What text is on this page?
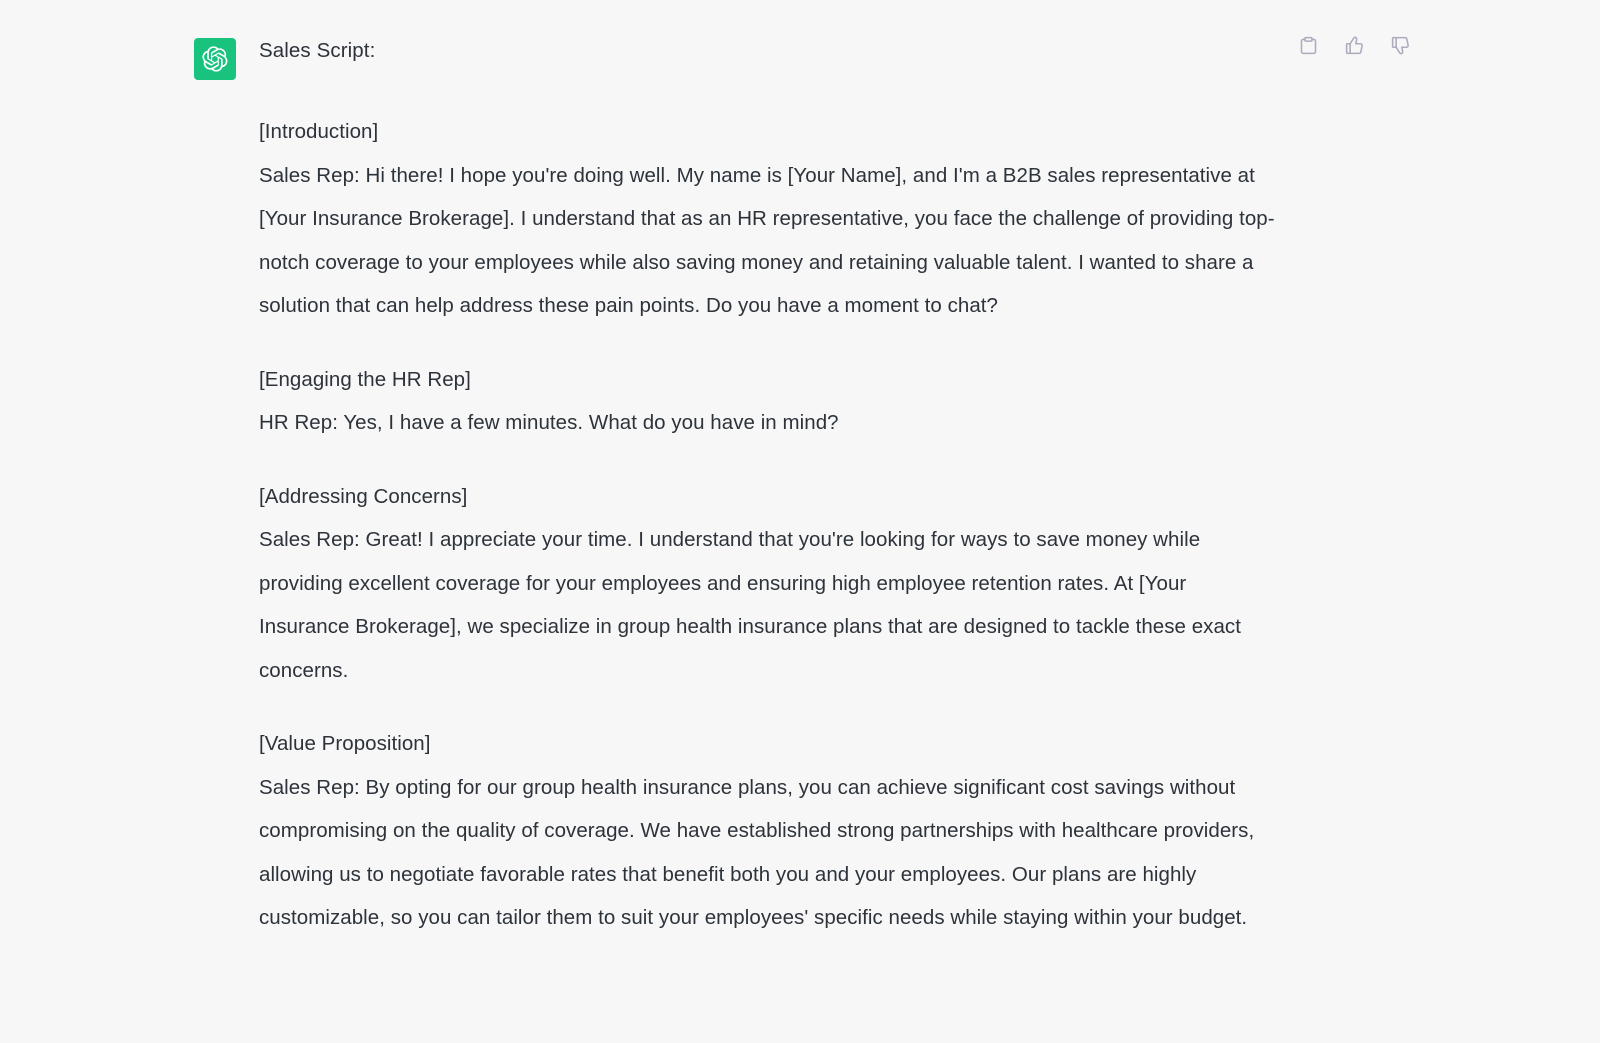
Sales Script:
[Introduction]
Sales Rep: Hi there! I hope you're doing well. My name is [Your Name], and I'm a B2B sales representative at [Your Insurance Brokerage]. I understand that as an HR representative, you face the challenge of providing top-notch coverage to your employees while also saving money and retaining valuable talent. I wanted to share a solution that can help address these pain points. Do you have a moment to chat?
[Engaging the HR Rep]
HR Rep: Yes, I have a few minutes. What do you have in mind?
[Addressing Concerns]
Sales Rep: Great! I appreciate your time. I understand that you're looking for ways to save money while providing excellent coverage for your employees and ensuring high employee retention rates. At [Your Insurance Brokerage], we specialize in group health insurance plans that are designed to tackle these exact concerns.
[Value Proposition]
Sales Rep: By opting for our group health insurance plans, you can achieve significant cost savings without compromising on the quality of coverage. We have established strong partnerships with healthcare providers, allowing us to negotiate favorable rates that benefit both you and your employees. Our plans are highly customizable, so you can tailor them to suit your employees' specific needs while staying within your budget.
